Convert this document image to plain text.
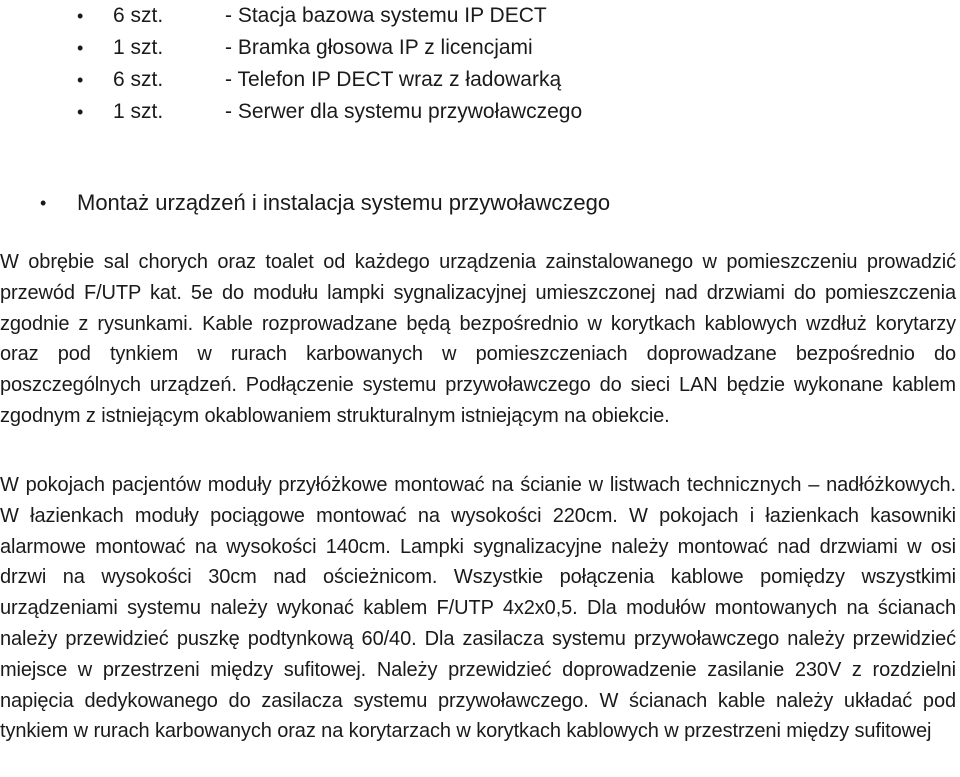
• 6 szt.	- Stacja bazowa systemu IP DECT
• 1 szt.	- Bramka głosowa IP z licencjami
• 6 szt.	- Telefon IP DECT wraz z ładowarką
• 1 szt.	- Serwer dla systemu przywoławczego
• Montaż urządzeń i instalacja systemu przywoławczego

W obrębie sal chorych oraz toalet od każdego urządzenia zainstalowanego w pomieszczeniu prowadzić przewód F/UTP kat. 5e do modułu lampki sygnalizacyjnej umieszczonej nad drzwiami do pomieszczenia zgodnie z rysunkami. Kable rozprowadzane będą bezpośrednio w korytkach kablowych wzdłuż korytarzy oraz pod tynkiem w rurach karbowanych w pomieszczeniach doprowadzane bezpośrednio do poszczególnych urządzeń. Podłączenie systemu przywoławczego do sieci LAN będzie wykonane kablem zgodnym z istniejącym okablowaniem strukturalnym istniejącym na obiekcie.

W pokojach pacjentów moduły przyłóżkowe montować na ścianie w listwach technicznych – nadłóżkowych. W łazienkach moduły pociągowe montować na wysokości 220cm. W pokojach i łazienkach kasowniki alarmowe montować na wysokości 140cm. Lampki sygnalizacyjne należy montować nad drzwiami w osi drzwi na wysokości 30cm nad ościeżnicom. Wszystkie połączenia kablowe pomiędzy wszystkimi urządzeniami systemu należy wykonać kablem F/UTP 4x2x0,5. Dla modułów montowanych na ścianach należy przewidzieć puszkę podtynkową 60/40. Dla zasilacza systemu przywoławczego należy przewidzieć miejsce w przestrzeni między sufitowej. Należy przewidzieć doprowadzenie zasilanie 230V z rozdzielni napięcia dedykowanego do zasilacza systemu przywoławczego. W ścianach kable należy układać pod tynkiem w rurach karbowanych oraz na korytarzach w korytkach kablowych w przestrzeni między sufitowej
